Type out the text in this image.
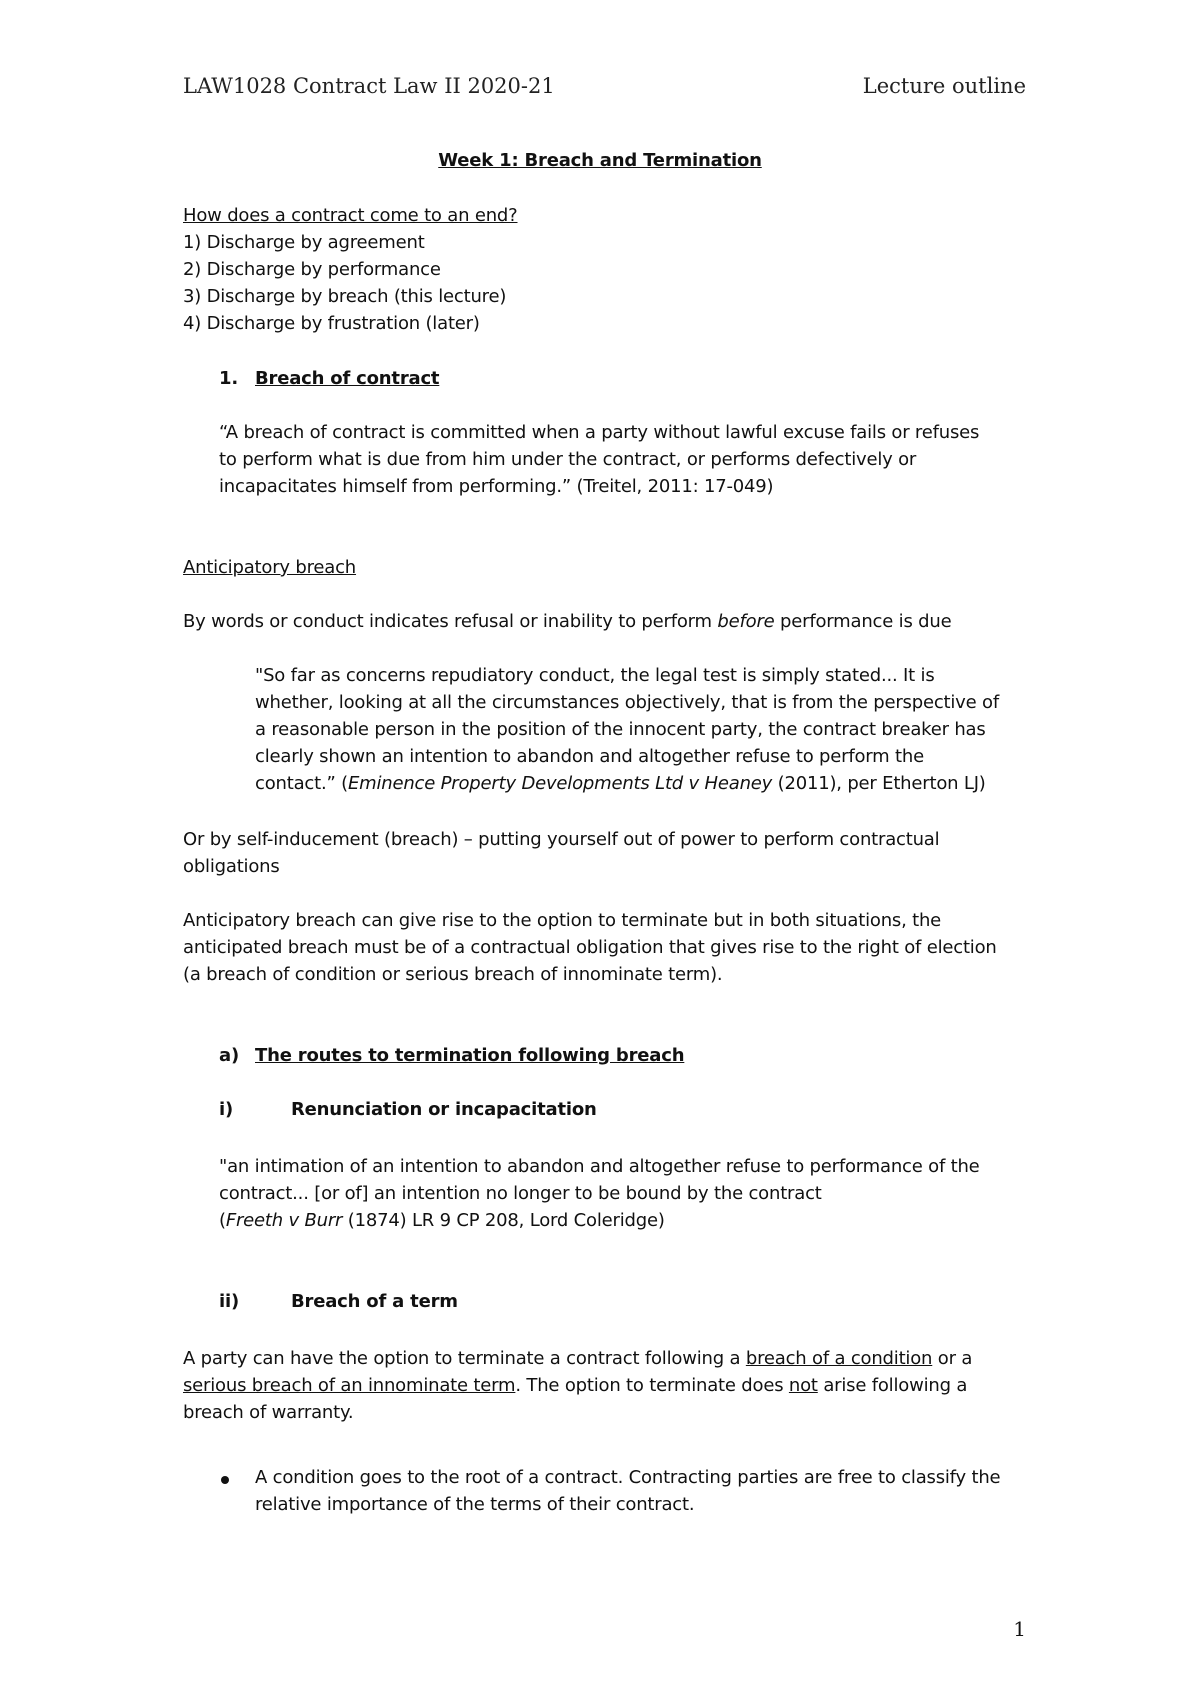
LAW1028 Contract Law II 2020-21	Lecture outline
Week 1: Breach and Termination
How does a contract come to an end?
1) Discharge by agreement
2) Discharge by performance
3) Discharge by breach (this lecture)
4) Discharge by frustration (later)
1. Breach of contract
“A breach of contract is committed when a party without lawful excuse fails or refuses
to perform what is due from him under the contract, or performs defectively or
incapacitates himself from performing.” (Treitel, 2011: 17-049)
Anticipatory breach
By words or conduct indicates refusal or inability to perform before performance is due
"So far as concerns repudiatory conduct, the legal test is simply stated... It is
whether, looking at all the circumstances objectively, that is from the perspective of
a reasonable person in the position of the innocent party, the contract breaker has
clearly shown an intention to abandon and altogether refuse to perform the
contact.” (Eminence Property Developments Ltd v Heaney (2011), per Etherton LJ)
Or by self-inducement (breach) – putting yourself out of power to perform contractual
obligations
Anticipatory breach can give rise to the option to terminate but in both situations, the
anticipated breach must be of a contractual obligation that gives rise to the right of election
(a breach of condition or serious breach of innominate term).
a) The routes to termination following breach
i)	Renunciation or incapacitation
"an intimation of an intention to abandon and altogether refuse to performance of the
contract... [or of] an intention no longer to be bound by the contract
(Freeth v Burr (1874) LR 9 CP 208, Lord Coleridge)
ii)	Breach of a term
A party can have the option to terminate a contract following a breach of a condition or a
serious breach of an innominate term. The option to terminate does not arise following a
breach of warranty.
A condition goes to the root of a contract. Contracting parties are free to classify the
relative importance of the terms of their contract.
1
